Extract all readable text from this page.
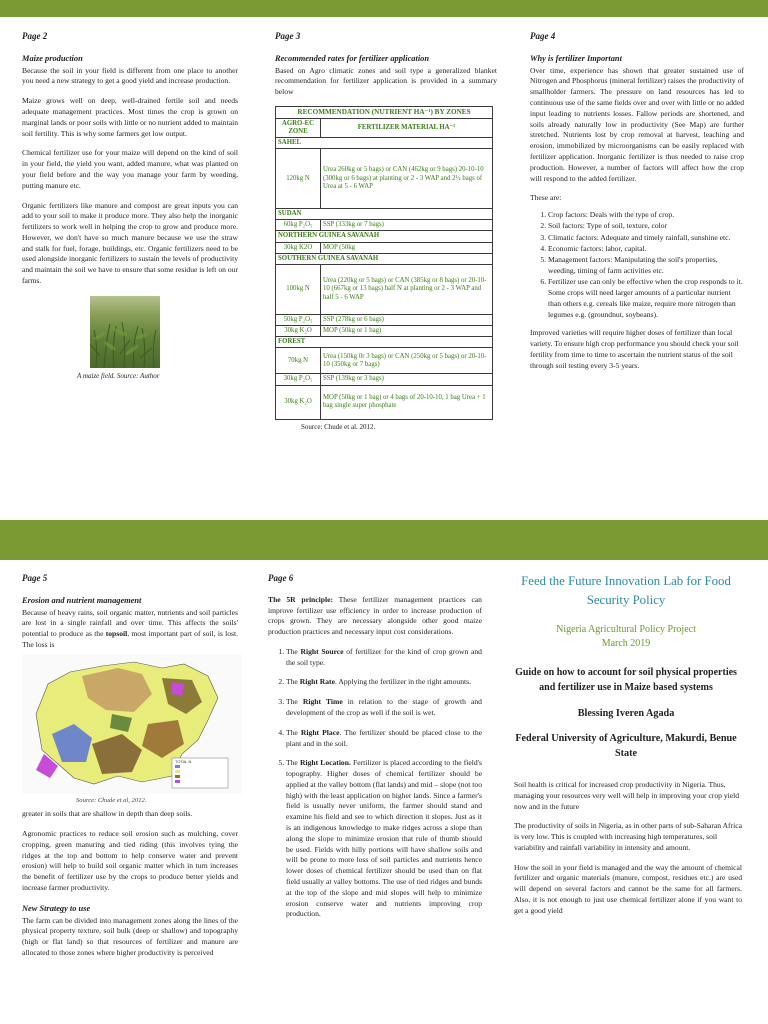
Page 2
Maize production

Because the soil in your field is different from one place to another you need a new strategy to get a good yield and increase production.

Maize grows well on deep, well-drained fertile soil and needs adequate management practices. Most times the crop is grown on marginal lands or poor soils with little or no nutrient added to maintain soil fertility. This is why some farmers get low output.

Chemical fertilizer use for your maize will depend on the kind of soil in your field, the yield you want, added manure, what was planted on your field before and the way you manage your farm by weeding, putting manure etc.

Organic fertilizers like manure and compost are great inputs you can add to your soil to make it produce more. They also help the inorganic fertilizers to work well in helping the crop to grow and produce more. However, we don't have so much manure because we use the straw and stalk for fuel, forage, buildings, etc. Organic fertilizers need to be used alongside inorganic fertilizers to sustain the levels of productivity and maintain the soil we have to ensure that some residue is left on our farms.

A maize field. Source: Author
Page 3
Recommended rates for fertilizer application

Based on Agro climatic zones and soil type a generalized blanket recommendation for fertilizer application is provided in a summary below

RECOMMENDATION (NUTRIENT HA⁻¹) BY ZONES	
AGRO-EC ZONE	FERTILIZER MATERIAL HA⁻¹
SAHEL	
120kg N	Urea 260kg or 5 bags) or CAN (462kg or 9 bags) 20-10-10 (300kg or 6 bags) at planting or 2 - 3 WAP and 2½ bags of Urea at 5 - 6 WAP
SUDAN	
60kg P₂O₅	SSP (333kg or 7 bags)
NORTHERN GUINEA SAVANAH	
30kg K2O	MOP (50kg
SOUTHERN GUINEA SAVANAH	
100kg N	Urea (220kg or 5 bags) or CAN (385kg or 8 bags) or 20-10-10 (667kg or 13 bags) half N at planting or 2 - 3 WAP and half 5 - 6 WAP
50kg P₂O₅	SSP (278kg or 6 bags)
30kg K₂O	MOP (50kg or 1 bag)
FOREST	
70kg N	Urea (150kg 0r 3 bags) or CAN (250kg or 5 bags) or 20-10-10 (350kg or 7 bags)
30kg P₂O₅	SSP (139kg or 3 bags)
30kg K₂O	MOP (50kg or 1 bag) or 4 bags of 20-10-10, 1 bag Urea + 1 bag single super phosphate
Source: Chude et al. 2012.
Page 4
Why is fertilizer Important

Over time, experience has shown that greater sustained use of Nitrogen and Phosphorus (mineral fertilizer) raises the productivity of smallholder farmers. The pressure on land resources has led to continuous use of the same fields over and over with little or no added input leading to nutrients losses. Fallow periods are shortened, and soils already naturally low in productivity (See Map) are further stretched. Nutrients lost by crop removal at harvest, leaching and erosion, immobilized by microorganisms can be easily replaced with fertilizer application. Inorganic fertilizer is thus needed to raise crop production. However, a number of factors will affect how the crop will respond to the added fertilizer.

These are:

1. Crop factors: Deals with the type of crop.
2. Soil factors: Type of soil, texture, color
3. Climatic factors: Adequate and timely rainfall, sunshine etc.
4. Economic factors: labor, capital.
5. Management factors: Manipulating the soil's properties, weeding, timing of farm activities etc.
6. Fertilizer use can only be effective when the crop responds to it. Some crops will need larger amounts of a particular nutrient than others e.g. cereals like maize, require more nitrogen than legumes e.g. (groundnut, soybeans).

Improved varieties will require higher doses of fertilizer than local variety. To ensure high crop performance you should check your soil fertility from time to time to ascertain the nutrient status of the soil through soil testing every 3-5 years.

Page 5
Erosion and nutrient management

Because of heavy rains, soil organic matter, nutrients and soil particles are lost in a single rainfall and over time. This affects the soils' potential to produce as the topsoil, most important part of soil, is lost. The loss is

TOTAL N
Source: Chude et al, 2012.

greater in soils that are shallow in depth than deep soils.

Agronomic practices to reduce soil erosion such as mulching, cover cropping, green manuring and tied riding (this involves tying the ridges at the top and bottom to help conserve water and prevent erosion) will help to build soil organic matter which in turn increases the benefit of fertilizer use by the crops to produce better yields and increase farmer productivity.

New Strategy to use

The farm can be divided into management zones along the lines of the physical property texture, soil bulk (deep or shallow) and topography (high or flat land) so that resources of fertilizer and manure are allocated to those zones where higher productivity is perceived

Page 6

The 5R principle: These fertilizer management practices can improve fertilizer use efficiency in order to increase production of crops grown. They are necessary alongside other good maize production practices and necessary input cost considerations.

1. The Right Source of fertilizer for the kind of crop grown and the soil type.
2. The Right Rate. Applying the fertilizer in the right amounts.
3. The Right Time in relation to the stage of growth and development of the crop as well if the soil is wet.
4. The Right Place. The fertilizer should be placed close to the plant and in the soil.
5. The Right Location. Fertilizer is placed according to the field's topography. Higher doses of chemical fertilizer should be applied at the valley bottom (flat lands) and mid – slope (not too high) with the least application on higher lands. Since a farmer's field is usually never uniform, the farmer should stand and examine his field and see to which direction it slopes. Just as it is an indigenous knowledge to make ridges across a slope than along the slope to minimize erosion that rule of thumb should be used. Fields with hilly portions will have shallow soils and will be prone to more loss of soil particles and nutrients hence lower doses of chemical fertilizer should be used than on flat field usually at valley bottoms. The use of tied ridges and bunds at the top of the slope and mid slopes will help to minimize erosion conserve water and nutrients improving crop production.
Feed the Future Innovation Lab for Food Security Policy
Nigeria Agricultural Policy Project
March 2019
Guide on how to account for soil physical properties and fertilizer use in Maize based systems
Blessing Iveren Agada
Federal University of Agriculture, Makurdi, Benue State

Soil health is critical for increased crop productivity in Nigeria. Thus, managing your resources very well will help in improving your crop yield now and in the future

The productivity of soils in Nigeria, as in other parts of sub-Saharan Africa is very low. This is coupled with increasing high temperatures, soil variability and rainfall variability in intensity and amount.

How the soil in your field is managed and the way the amount of chemical fertilizer and organic materials (manure, compost, residues etc.) are used will depend on several factors and cannot be the same for all farmers. Also, it is not enough to just use chemical fertilizer alone if you want to get a good yield
